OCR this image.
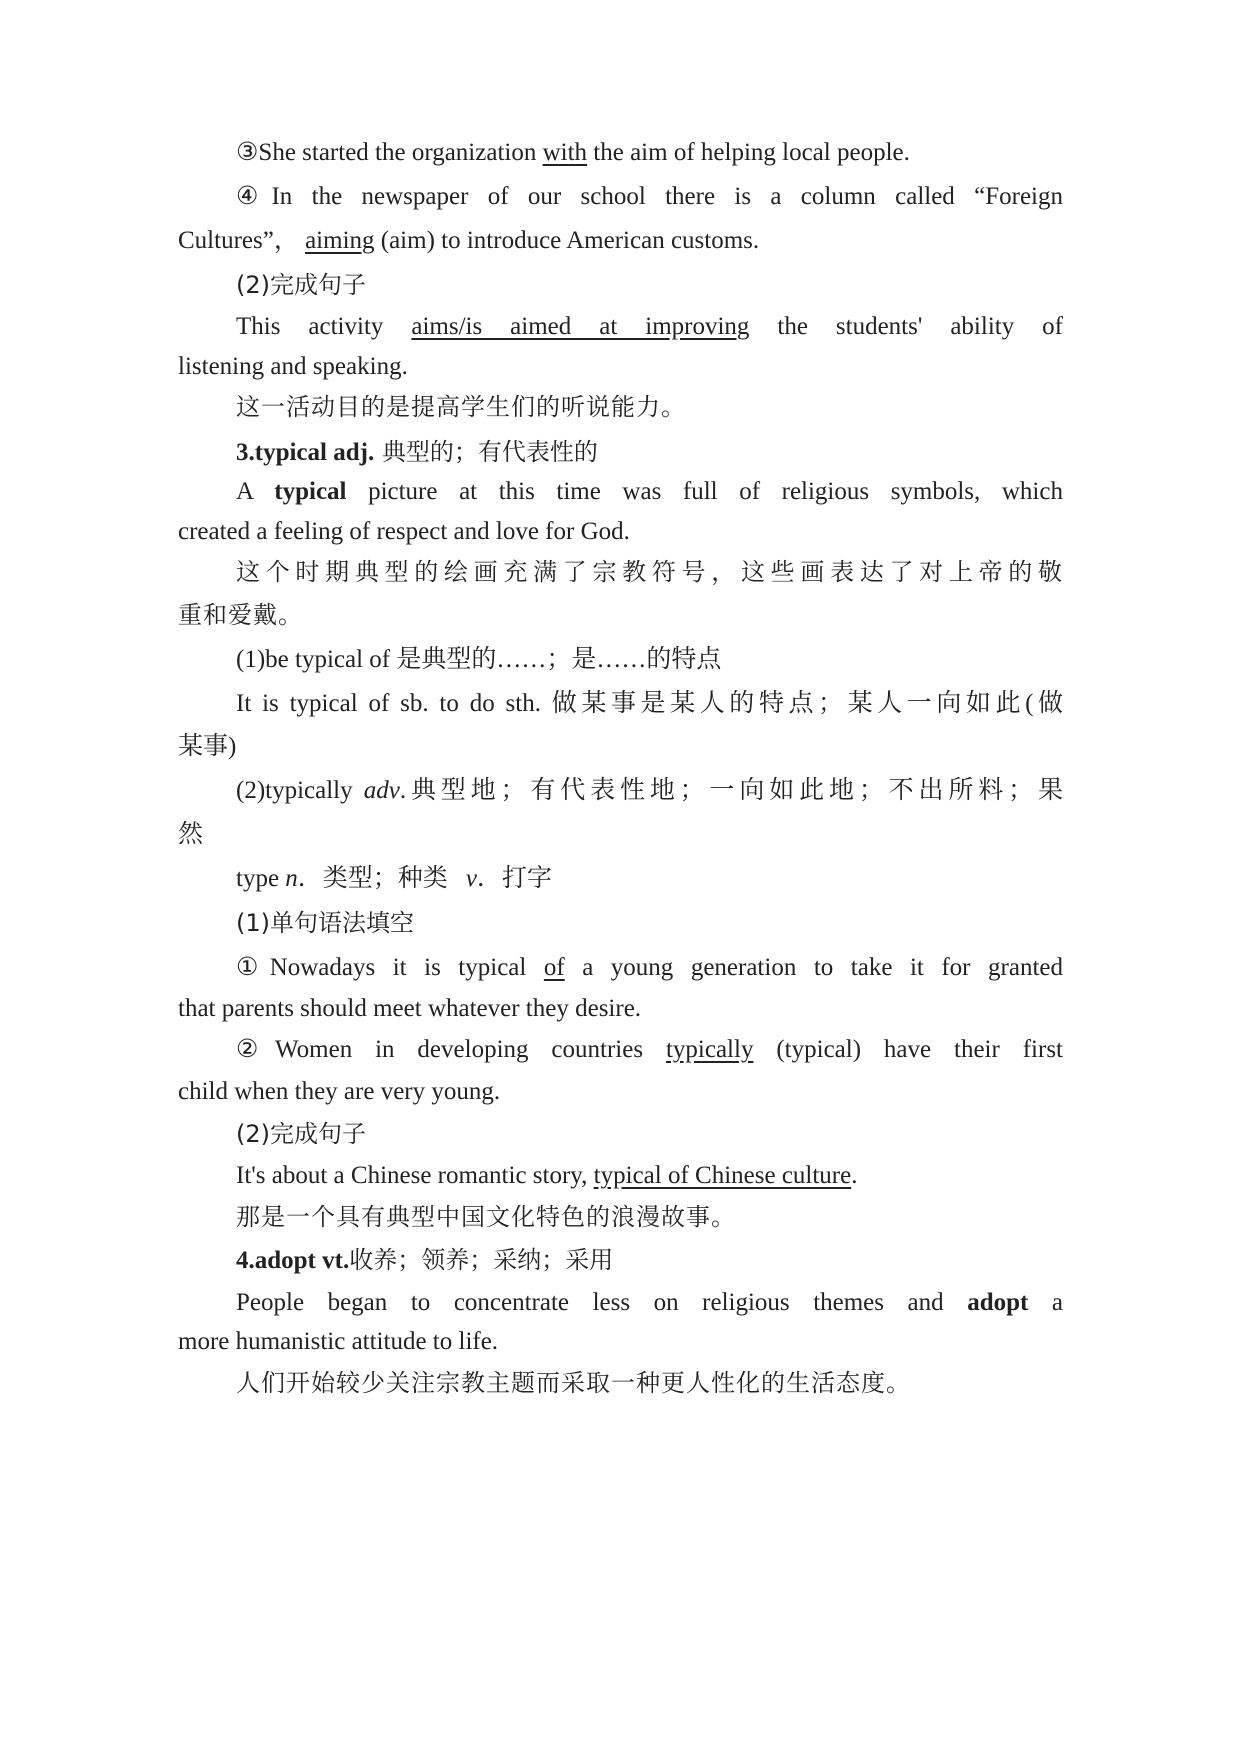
③She started the organization with the aim of helping local people.
④In the newspaper of our school there is a column called “Foreign
Cultures”， aiming (aim) to introduce American customs.
(2)完成句子
This activity aims/is aimed at improving the students' ability of
listening and speaking.
这一活动目的是提高学生们的听说能力。
3.typical adj. 典型的；有代表性的
A typical picture at this time was full of religious symbols, which
created a feeling of respect and love for God.
这个时期典型的绘画充满了宗教符号，这些画表达了对上帝的敬
重和爱戴。
(1)be typical of 是典型的……；是……的特点
It is typical of sb. to do sth. 做某事是某人的特点；某人一向如此(做
某事)
(2)typically adv.典型地；有代表性地；一向如此地；不出所料；果
然
type n．类型；种类 v．打字
(1)单句语法填空
①Nowadays it is typical of a young generation to take it for granted
that parents should meet whatever they desire.
②Women in developing countries typically (typical) have their first
child when they are very young.
(2)完成句子
It's about a Chinese romantic story, typical of Chinese culture.
那是一个具有典型中国文化特色的浪漫故事。
4.adopt vt.收养；领养；采纳；采用
People began to concentrate less on religious themes and adopt a
more humanistic attitude to life.
人们开始较少关注宗教主题而采取一种更人性化的生活态度。
